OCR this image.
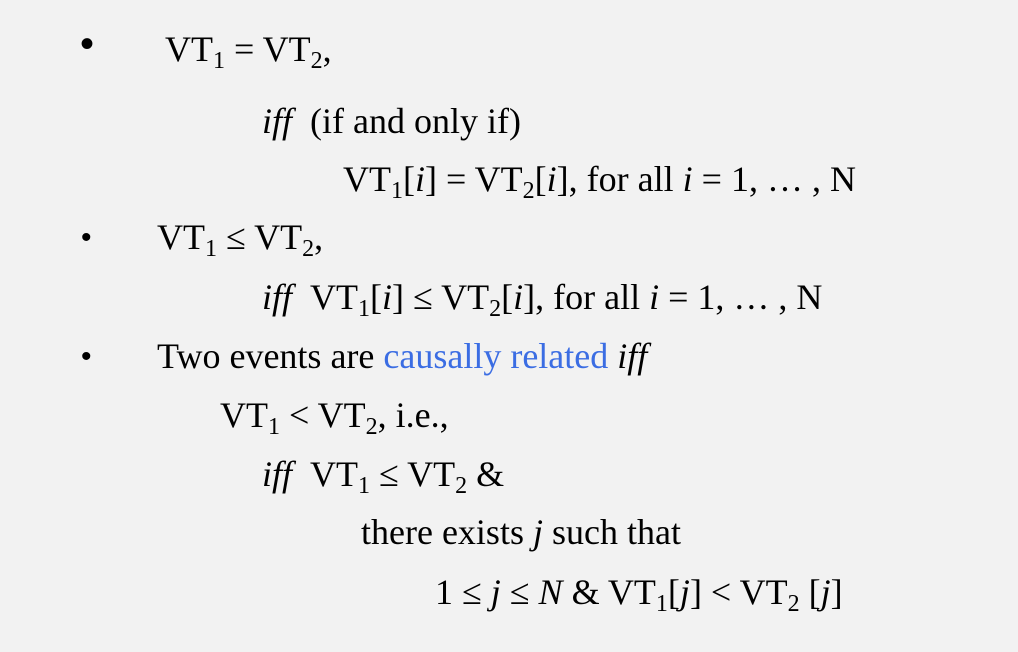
• $VT_1 = VT_2$,
iff (if and only if)
$VT_1[i] = VT_2[i]$, for all i = 1, … , N
• $VT_1 \le VT_2$,
iff $VT_1[i] \le VT_2[i]$, for all i = 1, … , N
• Two events are causally related iff
$VT_1 < VT_2$, i.e.,
iff $VT_1 \le VT_2$ &
there exists j such that
1 ≤ j ≤ N & $VT_1[j] < VT_2$ [j]
